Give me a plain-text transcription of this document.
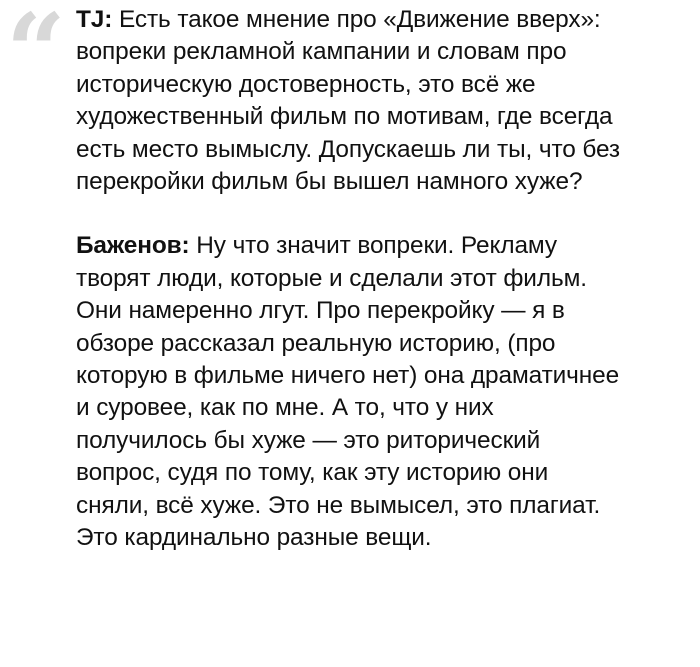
“ TJ: Есть такое мнение про «Движение вверх»:
вопреки рекламной кампании и словам про
историческую достоверность, это всё же
художественный фильм по мотивам, где всегда
есть место вымыслу. Допускаешь ли ты, что без
перекройки фильм бы вышел намного хуже?

Баженов: Ну что значит вопреки. Рекламу
творят люди, которые и сделали этот фильм.
Они намеренно лгут. Про перекройку — я в
обзоре рассказал реальную историю, (про
которую в фильме ничего нет) она драматичнее
и суровее, как по мне. А то, что у них
получилось бы хуже — это риторический
вопрос, судя по тому, как эту историю они
сняли, всё хуже. Это не вымысел, это плагиат.
Это кардинально разные вещи.
